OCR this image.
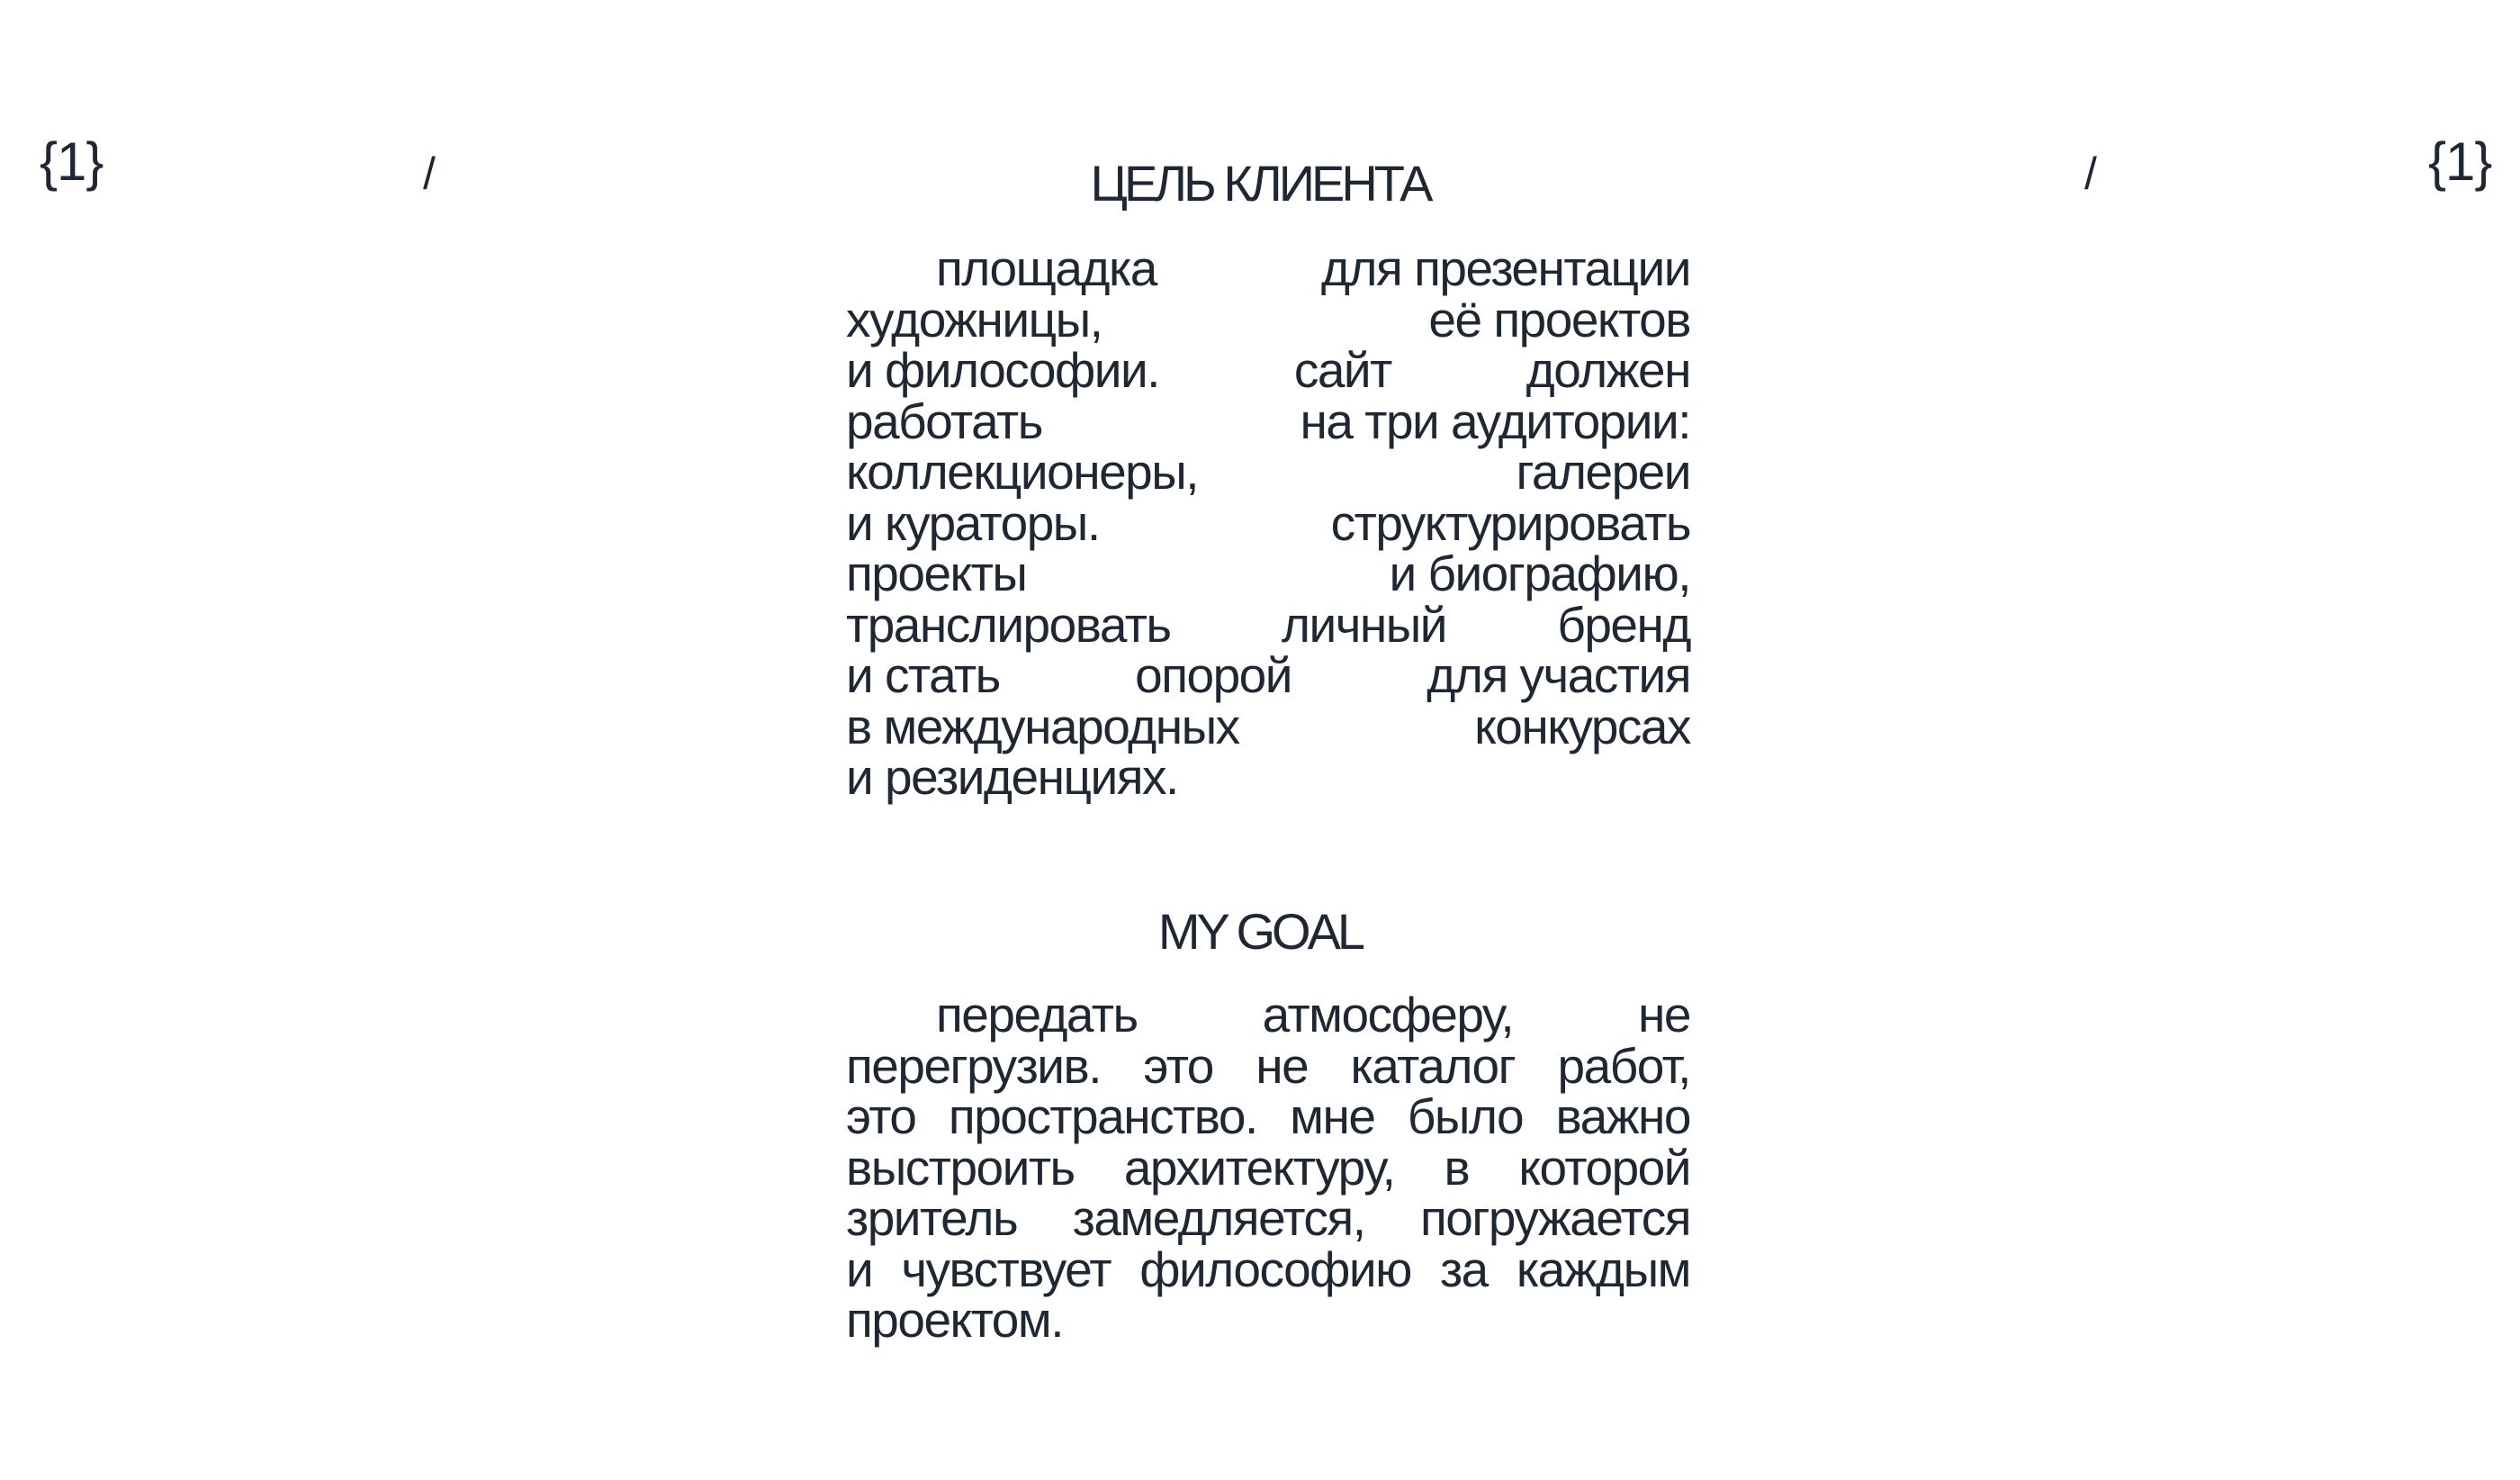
{1}	/	/	{1}
ЦЕЛЬ КЛИЕНТА
площадка	для презентации
художницы,	её проектов
и философии.	сайт	должен
работать	на три аудитории:
коллекционеры,	галереи
и кураторы.	структурировать
проекты	и биографию,
транслировать личный бренд
и стать	опорой	для участия
в международных	конкурсах
и резиденциях.
MY GOAL
передать	атмосферу,	не
перегрузив. это не каталог работ,
это пространство. мне было важно
выстроить архитектуру, в которой
зритель замедляется, погружается
и чувствует философию за каждым
проектом.
